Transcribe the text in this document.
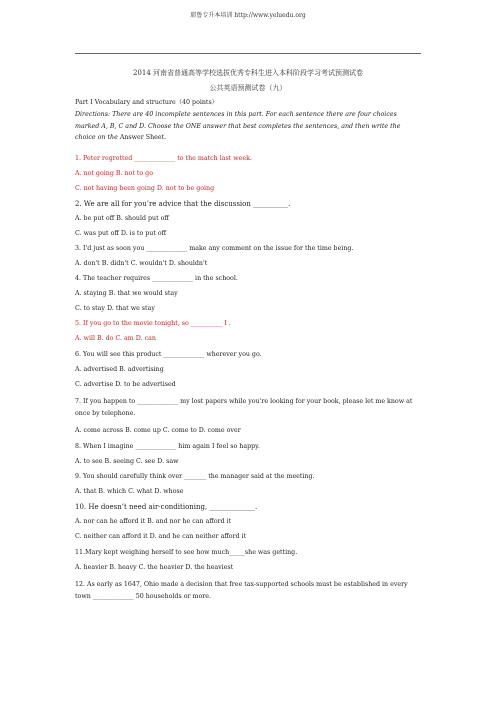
耶鲁专升本培训 http://www.yeluedu.org
2014 河南省普通高等学校选拔优秀专科生进入本科阶段学习考试预测试卷
公共英语预测试卷（九）
Part Ⅰ Vocabulary and structure（40 points）
Directions: There are 40 incomplete sentences in this part. For each sentence there are four choices marked A, B, C and D. Choose the ONE answer that best completes the sentences, and then write the choice on the Answer Sheet.
1. Peter regretted _____________ to the match last week.
A. not going B. not to go
C. not having been going D. not to be going
2. We are all for you’re advice that the discussion __________.
A. be put off B. should put off
C. was put off D. is to put off
3. I'd just as soon you _____________ make any comment on the issue for the time being.
A. don't B. didn't C. wouldn't D. shouldn't
4. The teacher requires _____________ in the school.
A. staying B. that we would stay
C. to stay D. that we stay
5. If you go to the movie tonight, so __________ I .
A. will B. do C. am D. can
6. You will see this product _____________ wherever you go.
A. advertised B. advertising
C. advertise D. to be advertised
7. If you happen to _____________ my lost papers while you're looking for your book, please let me know at once by telephone.
A. come across B. come up C. come to D. come over
8. When I imagine _____________ him again I feel so happy.
A. to see B. seeing C. see D. saw
9. You should carefully think over _______ the manager said at the meeting.
A. that B. which C. what D. whose
10. He doesn’t need air-conditioning, _____________.
A. nor can he afford it B. and nor he can afford it
C. neither can afford it D. and he can neither afford it
11.Mary kept weighing herself to see how much_____she was getting.
A. heavier B. heavy C. the heavier D. the heaviest
12. As early as 1647, Ohio made a decision that free tax-supported schools must be established in every town _____________ 50 households or more.
